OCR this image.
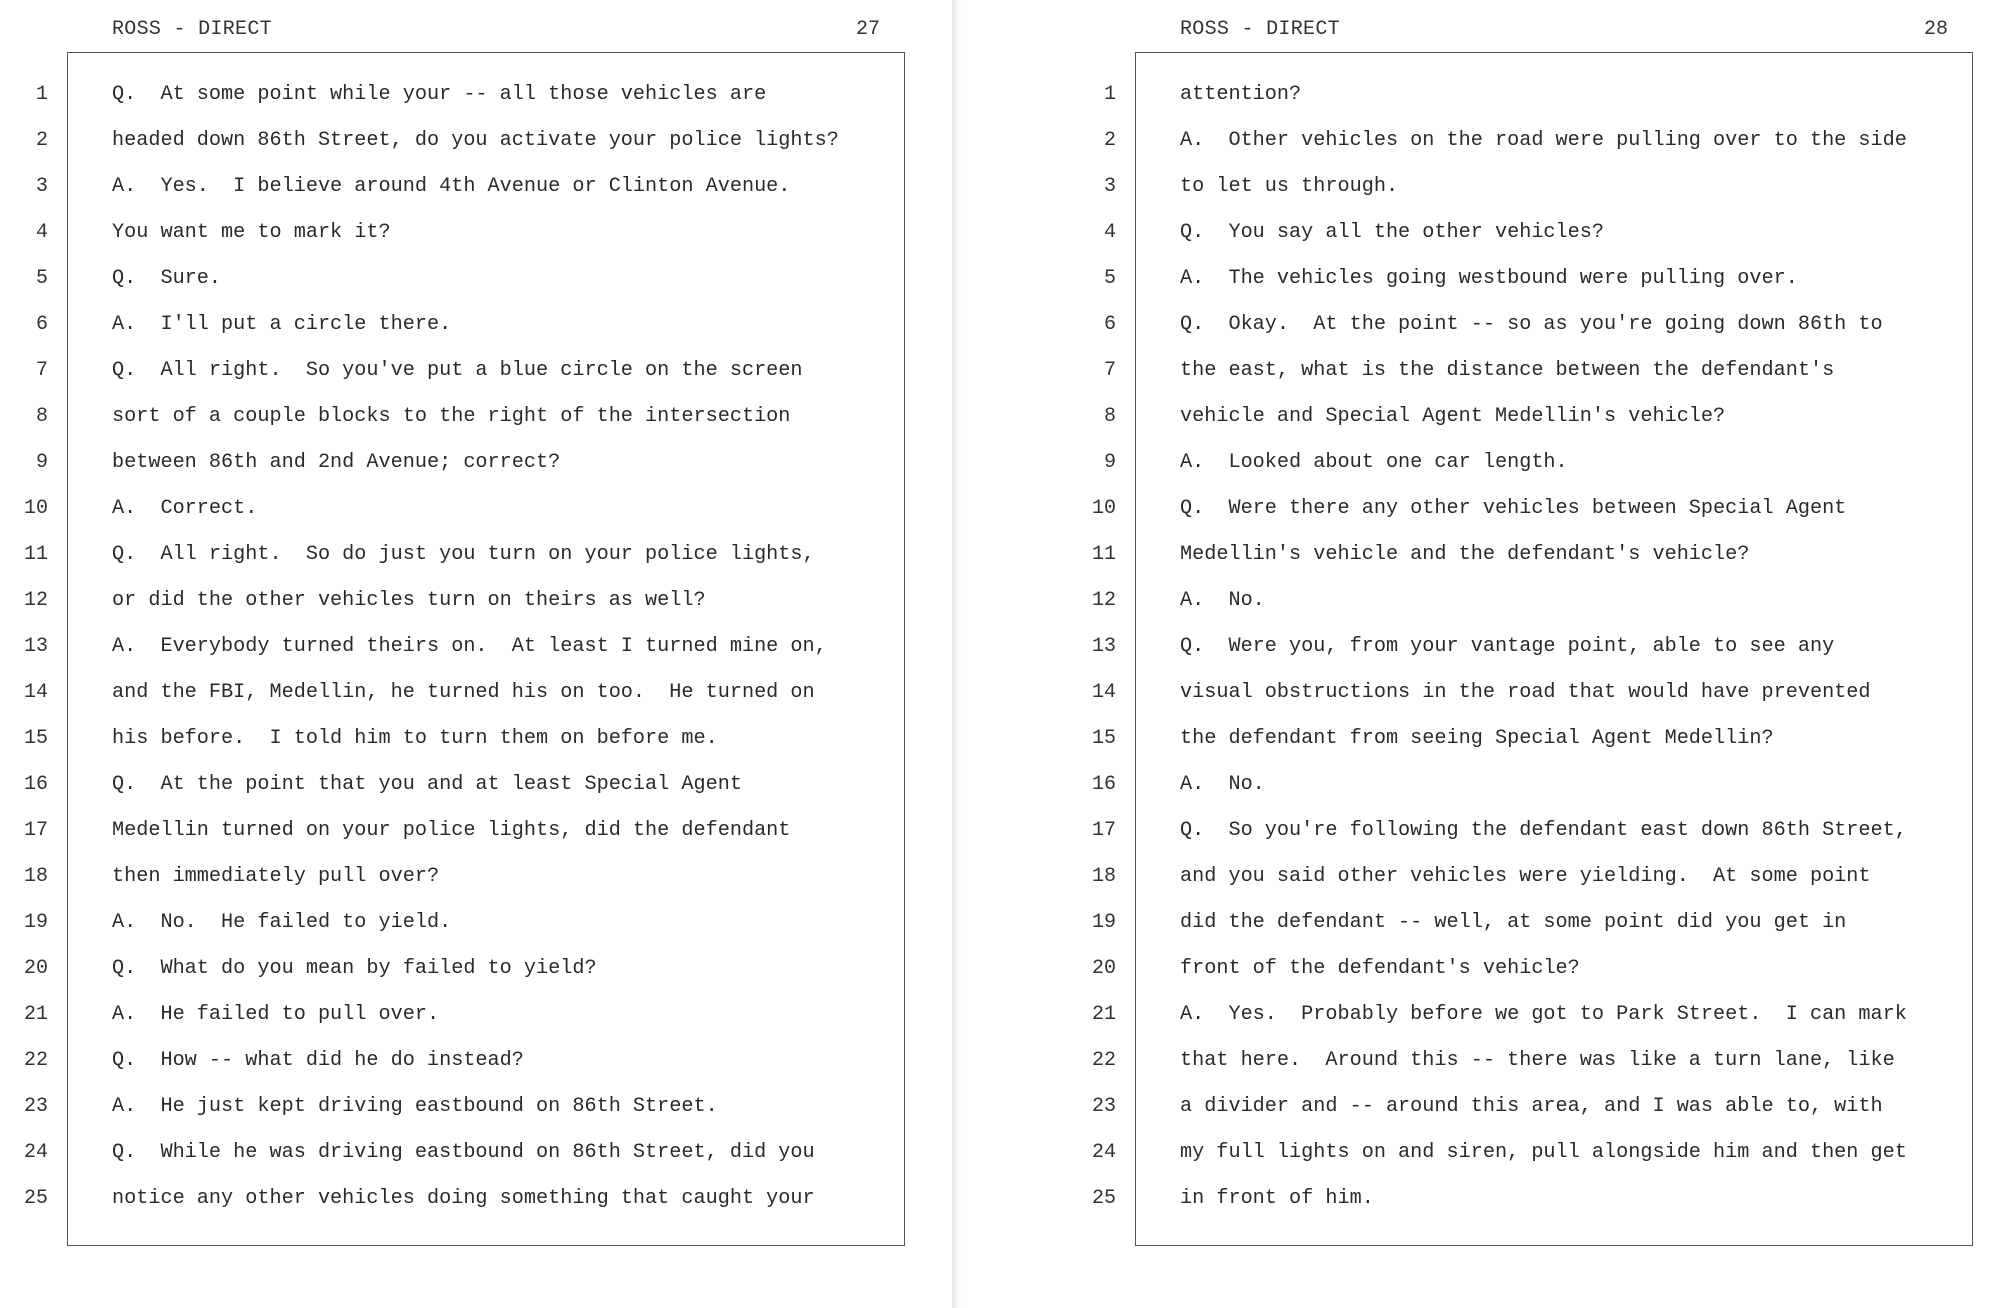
ROSS - DIRECT	27
1
2
3
4
5
6
7
8
9
10
11
12
13
14
15
16
17
18
19
20
21
22
23
24
25
Q.  At some point while your -- all those vehicles are
headed down 86th Street, do you activate your police lights?
A.  Yes.  I believe around 4th Avenue or Clinton Avenue.
You want me to mark it?
Q.  Sure.
A.  I'll put a circle there.
Q.  All right.  So you've put a blue circle on the screen
sort of a couple blocks to the right of the intersection
between 86th and 2nd Avenue; correct?
A.  Correct.
Q.  All right.  So do just you turn on your police lights,
or did the other vehicles turn on theirs as well?
A.  Everybody turned theirs on.  At least I turned mine on,
and the FBI, Medellin, he turned his on too.  He turned on
his before.  I told him to turn them on before me.
Q.  At the point that you and at least Special Agent
Medellin turned on your police lights, did the defendant
then immediately pull over?
A.  No.  He failed to yield.
Q.  What do you mean by failed to yield?
A.  He failed to pull over.
Q.  How -- what did he do instead?
A.  He just kept driving eastbound on 86th Street.
Q.  While he was driving eastbound on 86th Street, did you
notice any other vehicles doing something that caught your
ROSS - DIRECT	28
1
2
3
4
5
6
7
8
9
10
11
12
13
14
15
16
17
18
19
20
21
22
23
24
25
attention?
A.  Other vehicles on the road were pulling over to the side
to let us through.
Q.  You say all the other vehicles?
A.  The vehicles going westbound were pulling over.
Q.  Okay.  At the point -- so as you're going down 86th to
the east, what is the distance between the defendant's
vehicle and Special Agent Medellin's vehicle?
A.  Looked about one car length.
Q.  Were there any other vehicles between Special Agent
Medellin's vehicle and the defendant's vehicle?
A.  No.
Q.  Were you, from your vantage point, able to see any
visual obstructions in the road that would have prevented
the defendant from seeing Special Agent Medellin?
A.  No.
Q.  So you're following the defendant east down 86th Street,
and you said other vehicles were yielding.  At some point
did the defendant -- well, at some point did you get in
front of the defendant's vehicle?
A.  Yes.  Probably before we got to Park Street.  I can mark
that here.  Around this -- there was like a turn lane, like
a divider and -- around this area, and I was able to, with
my full lights on and siren, pull alongside him and then get
in front of him.
